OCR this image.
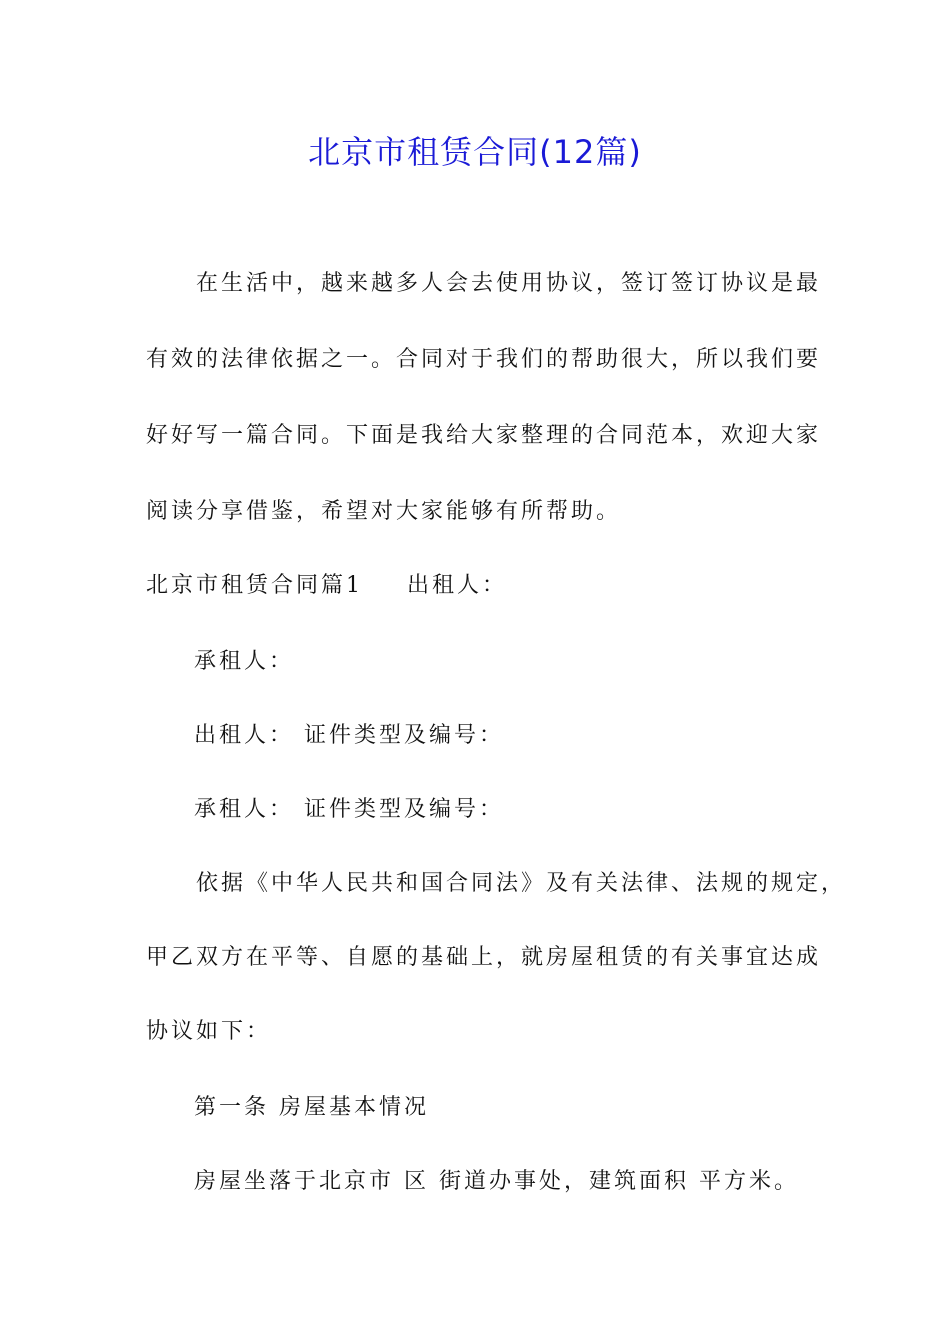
北京市租赁合同(12篇)

在生活中，越来越多人会去使用协议，签订签订协议是最

有效的法律依据之一。合同对于我们的帮助很大，所以我们要

好好写一篇合同。下面是我给大家整理的合同范本，欢迎大家

阅读分享借鉴，希望对大家能够有所帮助。

北京市租赁合同篇1 出租人：

承租人：

出租人： 证件类型及编号：

承租人： 证件类型及编号：

依据《中华人民共和国合同法》及有关法律、法规的规定，

甲乙双方在平等、自愿的基础上，就房屋租赁的有关事宜达成

协议如下：

第一条 房屋基本情况

房屋坐落于北京市 区 街道办事处，建筑面积 平方米。
